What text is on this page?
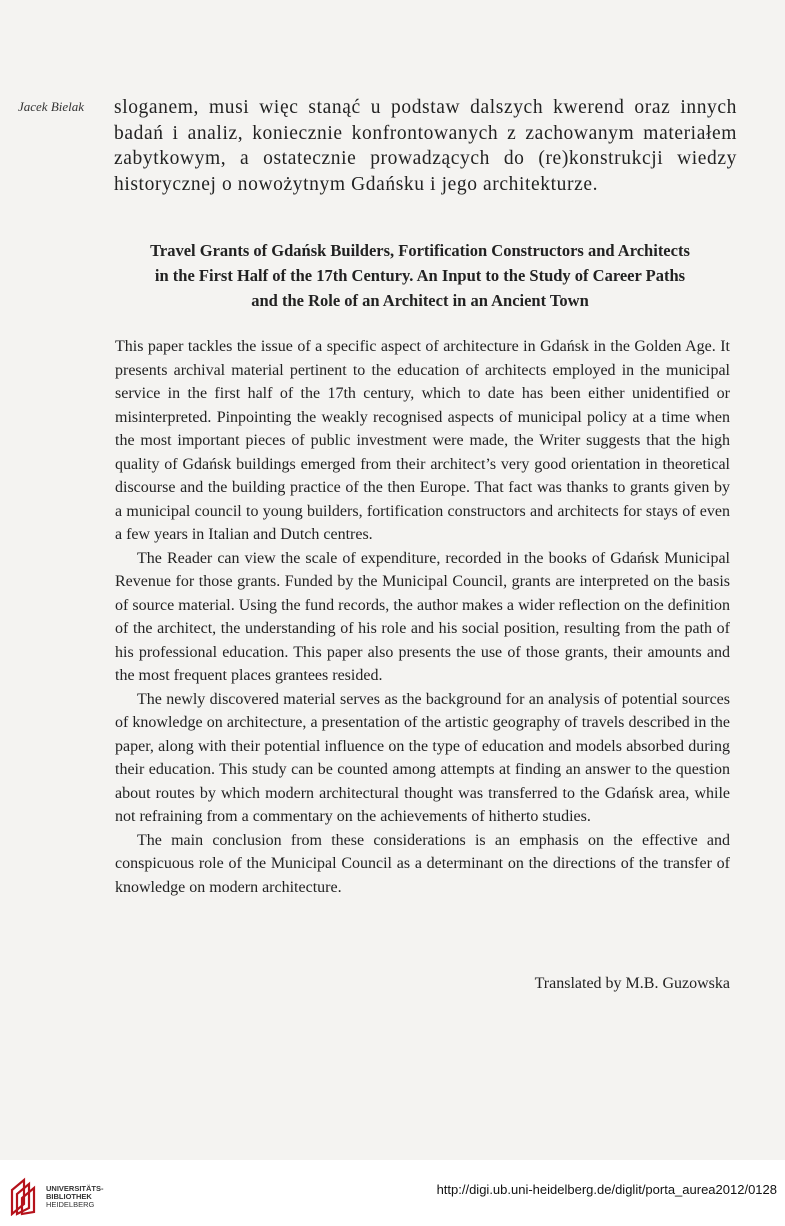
Jacek Bielak sloganem, musi więc stanąć u podstaw dalszych kwerend oraz innych badań i analiz, koniecznie konfrontowanych z zachowanym materiałem zabytkowym, a ostatecznie prowadzących do (re)konstrukcji wiedzy historycznej o nowożytnym Gdańsku i jego architekturze.

Travel Grants of Gdańsk Builders, Fortification Constructors and Architects
in the First Half of the 17th Century. An Input to the Study of Career Paths
and the Role of an Architect in an Ancient Town

This paper tackles the issue of a specific aspect of architecture in Gdańsk in the Golden Age. It presents archival material pertinent to the education of architects employed in the municipal service in the first half of the 17th century, which to date has been either unidentified or misinterpreted. Pinpointing the weakly recognised aspects of municipal policy at a time when the most important pieces of public investment were made, the Writer suggests that the high quality of Gdańsk buildings emerged from their architect’s very good orientation in theoretical discourse and the building practice of the then Europe. That fact was thanks to grants given by a municipal council to young builders, fortification constructors and architects for stays of even a few years in Italian and Dutch centres.

The Reader can view the scale of expenditure, recorded in the books of Gdańsk Municipal Revenue for those grants. Funded by the Municipal Council, grants are interpreted on the basis of source material. Using the fund records, the author makes a wider reflection on the definition of the architect, the understanding of his role and his social position, resulting from the path of his professional education. This paper also presents the use of those grants, their amounts and the most frequent places grantees resided.

The newly discovered material serves as the background for an analysis of potential sources of knowledge on architecture, a presentation of the artistic geography of travels described in the paper, along with their potential influence on the type of education and models absorbed during their education. This study can be counted among attempts at finding an answer to the question about routes by which modern architectural thought was transferred to the Gdańsk area, while not refraining from a commentary on the achievements of hitherto studies.

The main conclusion from these considerations is an emphasis on the effective and conspicuous role of the Municipal Council as a determinant on the directions of the transfer of knowledge on modern architecture.

Translated by M.B. Guzowska
UNIVERSITÄTS-
BIBLIOTHEK
HEIDELBERG
http://digi.ub.uni-heidelberg.de/diglit/porta_aurea2012/0128
